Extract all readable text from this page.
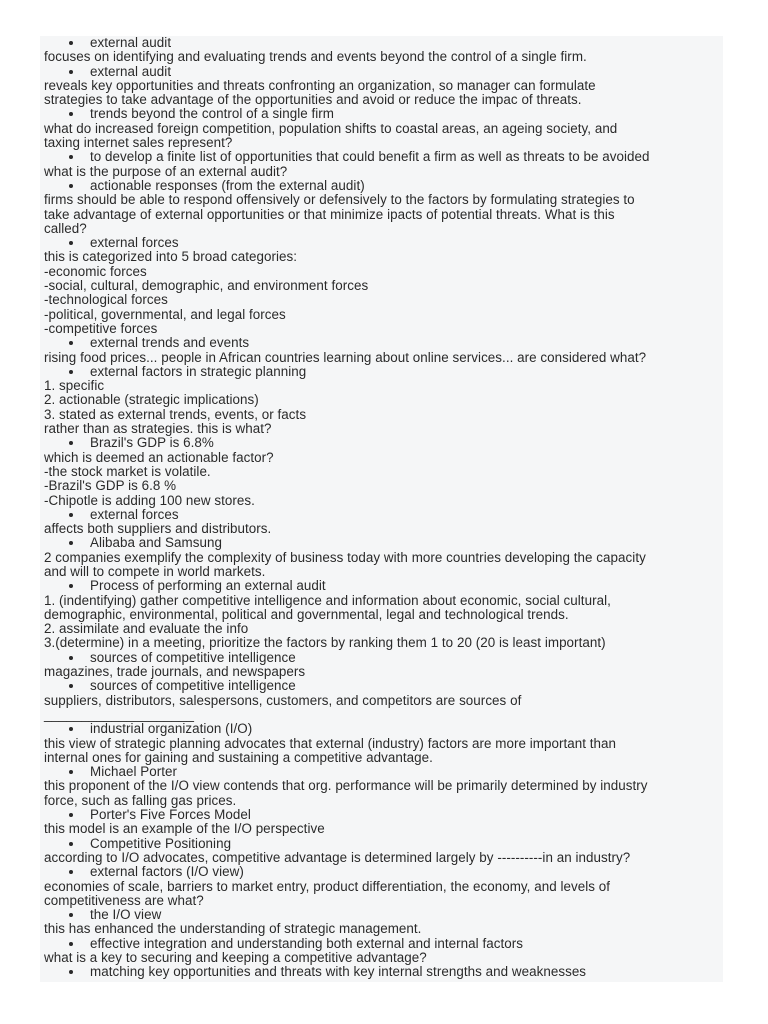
external audit
focuses on identifying and evaluating trends and events beyond the control of a single firm.
external audit
reveals key opportunities and threats confronting an organization, so manager can formulate
strategies to take advantage of the opportunities and avoid or reduce the impac of threats.
trends beyond the control of a single firm
what do increased foreign competition, population shifts to coastal areas, an ageing society, and
taxing internet sales represent?
to develop a finite list of opportunities that could benefit a firm as well as threats to be avoided
what is the purpose of an external audit?
actionable responses (from the external audit)
firms should be able to respond offensively or defensively to the factors by formulating strategies to
take advantage of external opportunities or that minimize ipacts of potential threats. What is this
called?
external forces
this is categorized into 5 broad categories:
-economic forces
-social, cultural, demographic, and environment forces
-technological forces
-political, governmental, and legal forces
-competitive forces
external trends and events
rising food prices... people in African countries learning about online services... are considered what?
external factors in strategic planning
1. specific
2. actionable (strategic implications)
3. stated as external trends, events, or facts
rather than as strategies. this is what?
Brazil's GDP is 6.8%
which is deemed an actionable factor?
-the stock market is volatile.
-Brazil's GDP is 6.8 %
-Chipotle is adding 100 new stores.
external forces
affects both suppliers and distributors.
Alibaba and Samsung
2 companies exemplify the complexity of business today with more countries developing the capacity
and will to compete in world markets.
Process of performing an external audit
1. (indentifying) gather competitive intelligence and information about economic, social cultural,
demographic, environmental, political and governmental, legal and technological trends.
2. assimilate and evaluate the info
3.(determine) in a meeting, prioritize the factors by ranking them 1 to 20 (20 is least important)
sources of competitive intelligence
magazines, trade journals, and newspapers
sources of competitive intelligence
suppliers, distributors, salespersons, customers, and competitors are sources of
____________________
industrial organization (I/O)
this view of strategic planning advocates that external (industry) factors are more important than
internal ones for gaining and sustaining a competitive advantage.
Michael Porter
this proponent of the I/O view contends that org. performance will be primarily determined by industry
force, such as falling gas prices.
Porter's Five Forces Model
this model is an example of the I/O perspective
Competitive Positioning
according to I/O advocates, competitive advantage is determined largely by ----------in an industry?
external factors (I/O view)
economies of scale, barriers to market entry, product differentiation, the economy, and levels of
competitiveness are what?
the I/O view
this has enhanced the understanding of strategic management.
effective integration and understanding both external and internal factors
what is a key to securing and keeping a competitive advantage?
matching key opportunities and threats with key internal strengths and weaknesses
